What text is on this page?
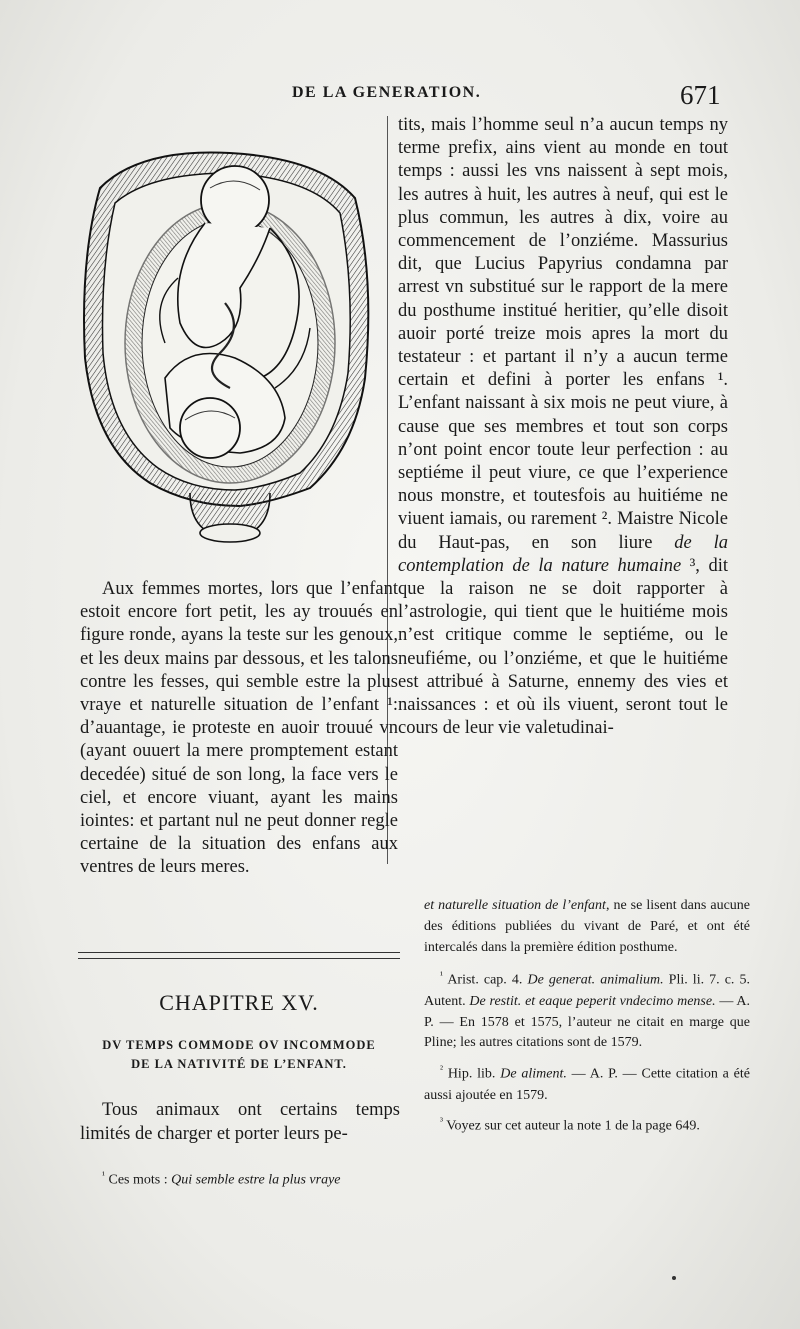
DE LA GENERATION.	671

tits, mais l’homme seul n’a aucun temps ny terme prefix, ains vient au monde en tout temps : aussi les vns naissent à sept mois, les autres à huit, les autres à neuf, qui est le plus commun, les autres à dix, voire au commencement de l’onziéme. Massurius dit, que Lucius Papyrius condamna par arrest vn substitué sur le rapport de la mere du posthume institué heritier, qu’elle disoit auoir porté treize mois apres la mort du testateur : et partant il n’y a aucun terme certain et defini à porter les enfans ¹. L’enfant naissant à six mois ne peut viure, à cause que ses membres et tout son corps n’ont point encor toute leur perfection : au septiéme il peut viure, ce que l’experience nous monstre, et toutesfois au huitiéme ne viuent iamais, ou rarement ². Maistre Nicole du Haut-pas, en son liure de la contemplation de la nature humaine ³, dit que la raison ne se doit rapporter à l’astrologie, qui tient que le huitiéme mois n’est critique comme le septiéme, ou le neufiéme, ou l’onziéme, et que le huitiéme est attribué à Saturne, ennemy des vies et naissances : et où ils viuent, seront tout le cours de leur vie valetudinai-

Aux femmes mortes, lors que l’enfant estoit encore fort petit, les ay trouués en figure ronde, ayans la teste sur les genoux, et les deux mains par dessous, et les talons contre les fesses, qui semble estre la plus vraye et naturelle situation de l’enfant ¹: d’auantage, ie proteste en auoir trouué vn (ayant ouuert la mere promptement estant decedée) situé de son long, la face vers le ciel, et encore viuant, ayant les mains iointes: et partant nul ne peut donner regle certaine de la situation des enfans aux ventres de leurs meres.

CHAPITRE XV.
DV TEMPS COMMODE OV INCOMMODE
DE LA NATIVITÉ DE L’ENFANT.

Tous animaux ont certains temps limités de charger et porter leurs pe-

$^{^1}$ Ces mots : Qui semble estre la plus vraye

et naturelle situation de l’enfant, ne se lisent dans aucune des éditions publiées du vivant de Paré, et ont été intercalés dans la première édition posthume.

$^{^1}$ Arist. cap. 4. De generat. animalium. Pli. li. 7. c. 5. Autent. De restit. et eaque peperit vndecimo mense. — A. P. — En 1578 et 1575, l’auteur ne citait en marge que Pline; les autres citations sont de 1579.

$^{^2}$ Hip. lib. De aliment. — A. P. — Cette citation a été aussi ajoutée en 1579.

$^{^3}$ Voyez sur cet auteur la note 1 de la page 649.
